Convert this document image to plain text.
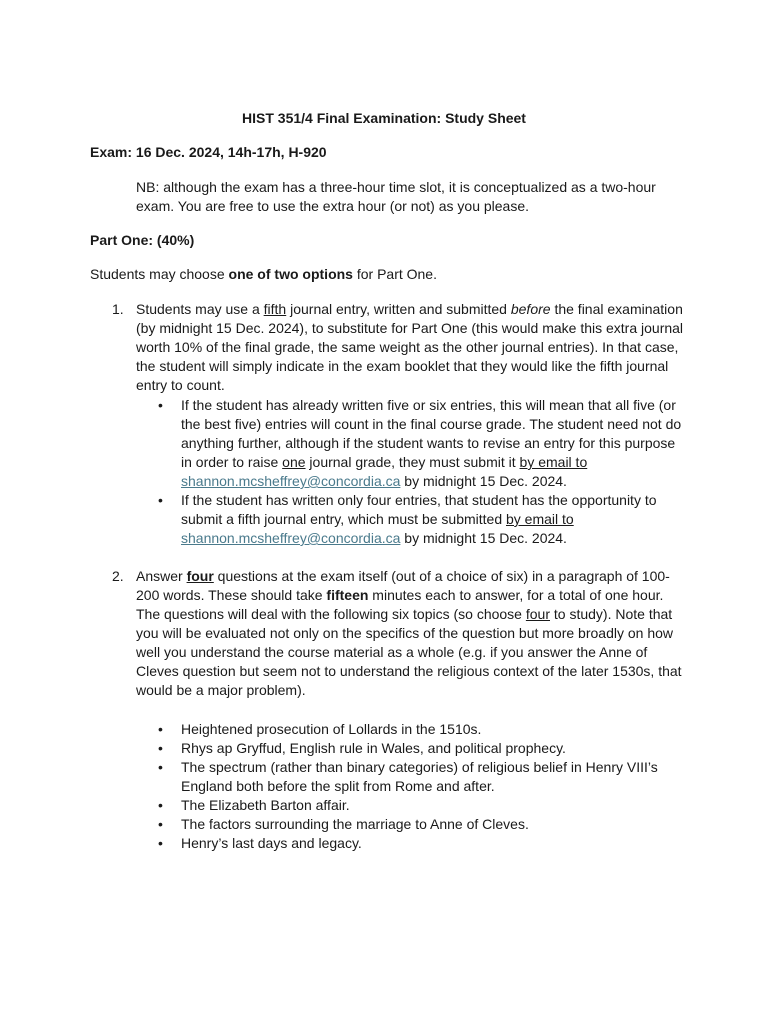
HIST 351/4 Final Examination: Study Sheet
Exam: 16 Dec. 2024, 14h-17h, H-920
NB: although the exam has a three-hour time slot, it is conceptualized as a two-hour exam. You are free to use the extra hour (or not) as you please.
Part One: (40%)
Students may choose one of two options for Part One.
1. Students may use a fifth journal entry, written and submitted before the final examination (by midnight 15 Dec. 2024), to substitute for Part One (this would make this extra journal worth 10% of the final grade, the same weight as the other journal entries). In that case, the student will simply indicate in the exam booklet that they would like the fifth journal entry to count.
• If the student has already written five or six entries, this will mean that all five (or the best five) entries will count in the final course grade. The student need not do anything further, although if the student wants to revise an entry for this purpose in order to raise one journal grade, they must submit it by email to shannon.mcsheffrey@concordia.ca by midnight 15 Dec. 2024.
• If the student has written only four entries, that student has the opportunity to submit a fifth journal entry, which must be submitted by email to shannon.mcsheffrey@concordia.ca by midnight 15 Dec. 2024.
2. Answer four questions at the exam itself (out of a choice of six) in a paragraph of 100-200 words. These should take fifteen minutes each to answer, for a total of one hour. The questions will deal with the following six topics (so choose four to study). Note that you will be evaluated not only on the specifics of the question but more broadly on how well you understand the course material as a whole (e.g. if you answer the Anne of Cleves question but seem not to understand the religious context of the later 1530s, that would be a major problem).
• Heightened prosecution of Lollards in the 1510s.
• Rhys ap Gryffud, English rule in Wales, and political prophecy.
• The spectrum (rather than binary categories) of religious belief in Henry VIII’s England both before the split from Rome and after.
• The Elizabeth Barton affair.
• The factors surrounding the marriage to Anne of Cleves.
• Henry’s last days and legacy.
